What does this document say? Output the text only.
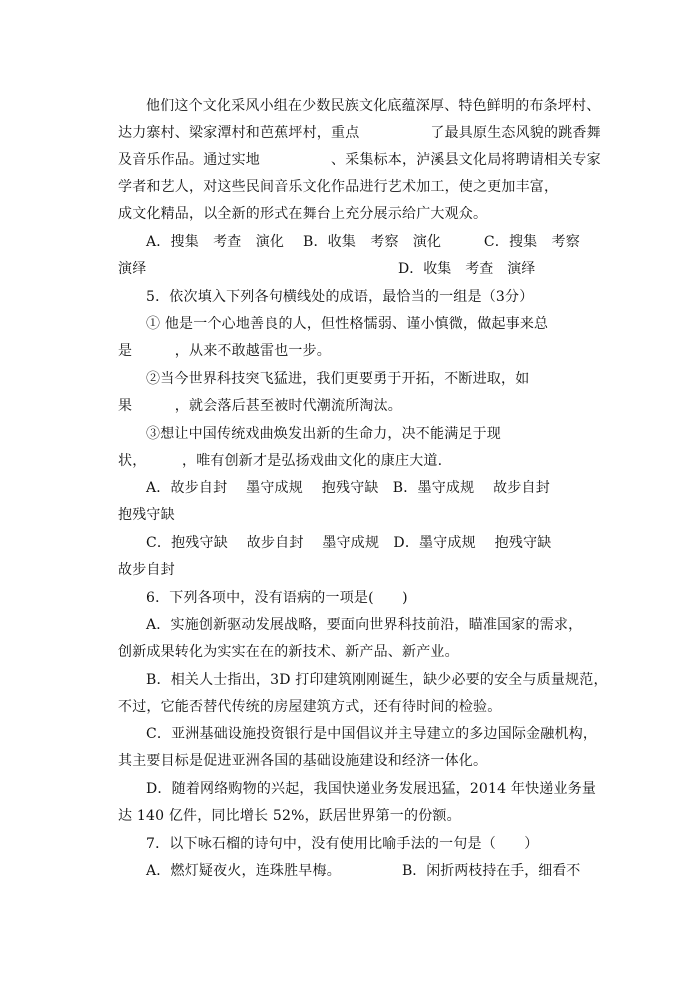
他们这个文化采风小组在少数民族文化底蕴深厚、特色鲜明的布条坪村、
达力寨村、梁家潭村和芭蕉坪村，重点　　　　　了最具原生态风貌的跳香舞
及音乐作品。通过实地　　　　　、采集标本，泸溪县文化局将聘请相关专家
学者和艺人，对这些民间音乐文化作品进行艺术加工，使之更加丰富，
成文化精品，以全新的形式在舞台上充分展示给广大观众。
A．搜集　考查　演化　 B．收集　考察　演化　　　C．搜集　考察
演绎	D．收集　考查　演绎
5．依次填入下列各句横线处的成语，最恰当的一组是（3分）
① 他是一个心地善良的人，但性格懦弱、谨小慎微，做起事来总
是　　　，从来不敢越雷也一步。
②当今世界科技突飞猛进，我们更要勇于开拓，不断进取，如
果　　　，就会落后甚至被时代潮流所淘汰。
③想让中国传统戏曲焕发出新的生命力，决不能满足于现
状，　　　，唯有创新才是弘扬戏曲文化的康庄大道.
A．故步自封　 墨守成规　 抱残守缺　B．墨守成规　 故步自封
抱残守缺
C．抱残守缺　 故步自封　 墨守成规　D．墨守成规　 抱残守缺
故步自封
6．下列各项中，没有语病的一项是(　　)
A．实施创新驱动发展战略，要面向世界科技前沿，瞄准国家的需求，
创新成果转化为实实在在的新技术、新产品、新产业。
B．相关人士指出，3D 打印建筑刚刚诞生，缺少必要的安全与质量规范，
不过，它能否替代传统的房屋建筑方式，还有待时间的检验。
C．亚洲基础设施投资银行是中国倡议并主导建立的多边国际金融机构，
其主要目标是促进亚洲各国的基础设施建设和经济一体化。
D．随着网络购物的兴起，我国快递业务发展迅猛，2014 年快递业务量
达 140 亿件，同比增长 52%，跃居世界第一的份额。
7．以下咏石榴的诗句中，没有使用比喻手法的一句是（　　）
A．燃灯疑夜火，连珠胜早梅。	B．闲折两枝持在手，细看不
